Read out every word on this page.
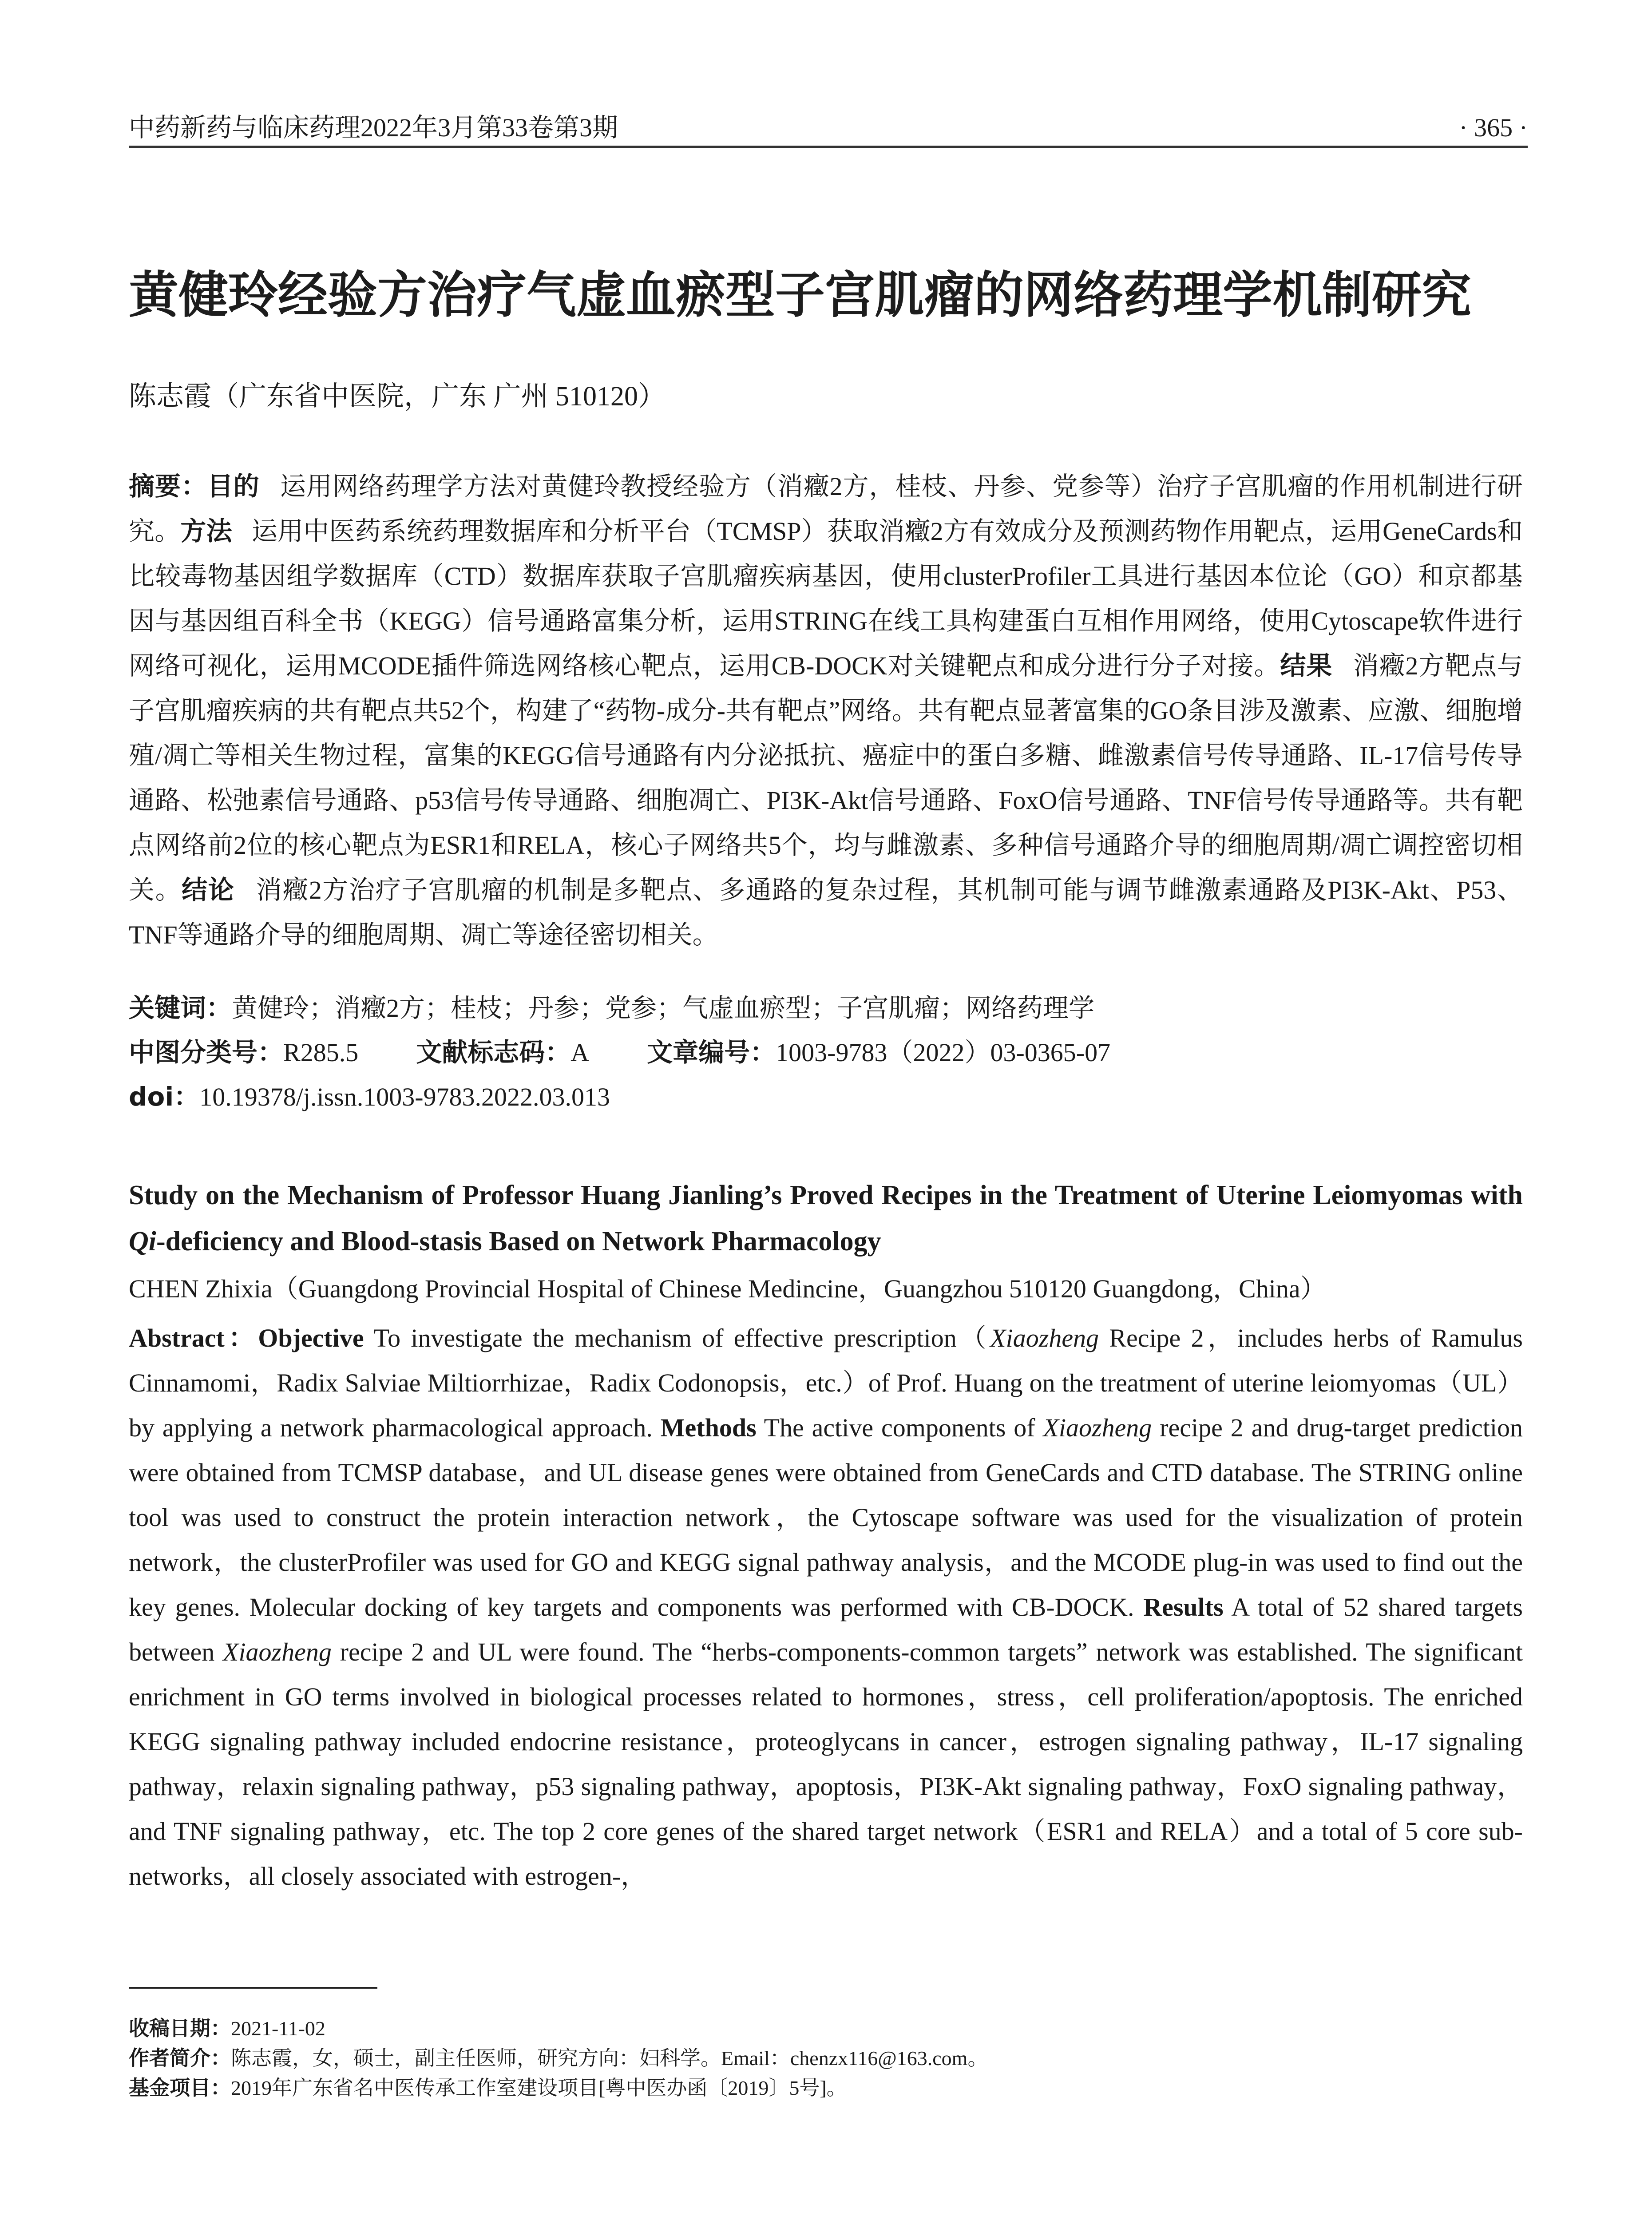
中药新药与临床药理2022年3月第33卷第3期	· 365 ·
黄健玲经验方治疗气虚血瘀型子宫肌瘤的网络药理学机制研究
陈志霞（广东省中医院，广东 广州 510120）
摘要：目的 运用网络药理学方法对黄健玲教授经验方（消癥2方，桂枝、丹参、党参等）治疗子宫肌瘤的作用机制进行研究。方法 运用中医药系统药理数据库和分析平台（TCMSP）获取消癥2方有效成分及预测药物作用靶点，运用GeneCards和比较毒物基因组学数据库（CTD）数据库获取子宫肌瘤疾病基因，使用clusterProfiler工具进行基因本位论（GO）和京都基因与基因组百科全书（KEGG）信号通路富集分析，运用STRING在线工具构建蛋白互相作用网络，使用Cytoscape软件进行网络可视化，运用MCODE插件筛选网络核心靶点，运用CB-DOCK对关键靶点和成分进行分子对接。结果 消癥2方靶点与子宫肌瘤疾病的共有靶点共52个，构建了“药物-成分-共有靶点”网络。共有靶点显著富集的GO条目涉及激素、应激、细胞增殖/凋亡等相关生物过程，富集的KEGG信号通路有内分泌抵抗、癌症中的蛋白多糖、雌激素信号传导通路、IL-17信号传导通路、松弛素信号通路、p53信号传导通路、细胞凋亡、PI3K-Akt信号通路、FoxO信号通路、TNF信号传导通路等。共有靶点网络前2位的核心靶点为ESR1和RELA，核心子网络共5个，均与雌激素、多种信号通路介导的细胞周期/凋亡调控密切相关。结论 消癥2方治疗子宫肌瘤的机制是多靶点、多通路的复杂过程，其机制可能与调节雌激素通路及PI3K-Akt、P53、TNF等通路介导的细胞周期、凋亡等途径密切相关。
关键词：黄健玲；消癥2方；桂枝；丹参；党参；气虚血瘀型；子宫肌瘤；网络药理学
中图分类号：R285.5 文献标志码：A 文章编号：1003-9783（2022）03-0365-07
doi：10.19378/j.issn.1003-9783.2022.03.013
Study on the Mechanism of Professor Huang Jianling’s Proved Recipes in the Treatment of Uterine Leiomyomas with Qi-deficiency and Blood-stasis Based on Network Pharmacology
CHEN Zhixia（Guangdong Provincial Hospital of Chinese Medincine，Guangzhou 510120 Guangdong，China）
Abstract：Objective To investigate the mechanism of effective prescription（Xiaozheng Recipe 2，includes herbs of Ramulus Cinnamomi，Radix Salviae Miltiorrhizae，Radix Codonopsis，etc.）of Prof. Huang on the treatment of uterine leiomyomas（UL）by applying a network pharmacological approach. Methods The active components of Xiaozheng recipe 2 and drug-target prediction were obtained from TCMSP database，and UL disease genes were obtained from GeneCards and CTD database. The STRING online tool was used to construct the protein interaction network，the Cytoscape software was used for the visualization of protein network，the clusterProfiler was used for GO and KEGG signal pathway analysis，and the MCODE plug-in was used to find out the key genes. Molecular docking of key targets and components was performed with CB-DOCK. Results A total of 52 shared targets between Xiaozheng recipe 2 and UL were found. The “herbs-components-common targets” network was established. The significant enrichment in GO terms involved in biological processes related to hormones，stress，cell proliferation/apoptosis. The enriched KEGG signaling pathway included endocrine resistance，proteoglycans in cancer，estrogen signaling pathway，IL-17 signaling pathway，relaxin signaling pathway，p53 signaling pathway，apoptosis，PI3K-Akt signaling pathway，FoxO signaling pathway，and TNF signaling pathway，etc. The top 2 core genes of the shared target network（ESR1 and RELA）and a total of 5 core sub-networks，all closely associated with estrogen-，
收稿日期：2021-11-02
作者简介：陈志霞，女，硕士，副主任医师，研究方向：妇科学。Email：chenzx116@163.com。
基金项目：2019年广东省名中医传承工作室建设项目[粤中医办函〔2019〕5号]。
